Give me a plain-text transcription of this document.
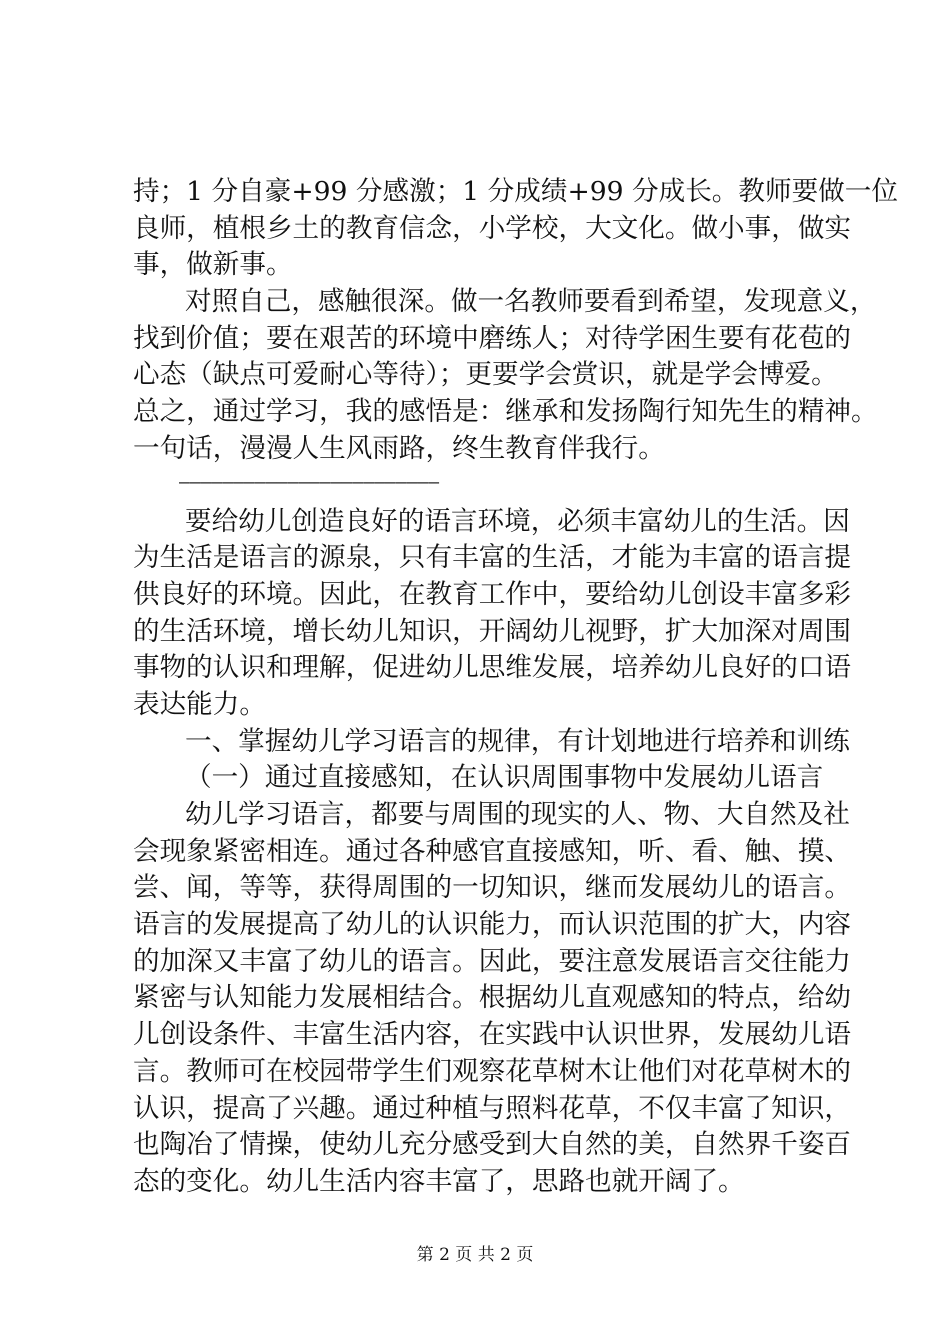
持；1 分自豪+99 分感激；1 分成绩+99 分成长。教师要做一位
良师，植根乡土的教育信念，小学校，大文化。做小事，做实
事，做新事。
对照自己，感触很深。做一名教师要看到希望，发现意义，
找到价值；要在艰苦的环境中磨练人；对待学困生要有花苞的
心态（缺点可爱耐心等待）；更要学会赏识，就是学会博爱。
总之，通过学习，我的感悟是：继承和发扬陶行知先生的精神。
一句话，漫漫人生风雨路，终生教育伴我行。
————————————————————————
要给幼儿创造良好的语言环境，必须丰富幼儿的生活。因
为生活是语言的源泉，只有丰富的生活，才能为丰富的语言提
供良好的环境。因此，在教育工作中，要给幼儿创设丰富多彩
的生活环境，增长幼儿知识，开阔幼儿视野，扩大加深对周围
事物的认识和理解，促进幼儿思维发展，培养幼儿良好的口语
表达能力。
一、掌握幼儿学习语言的规律，有计划地进行培养和训练
（一）通过直接感知，在认识周围事物中发展幼儿语言
幼儿学习语言，都要与周围的现实的人、物、大自然及社
会现象紧密相连。通过各种感官直接感知，听、看、触、摸、
尝、闻，等等，获得周围的一切知识，继而发展幼儿的语言。
语言的发展提高了幼儿的认识能力，而认识范围的扩大，内容
的加深又丰富了幼儿的语言。因此，要注意发展语言交往能力
紧密与认知能力发展相结合。根据幼儿直观感知的特点，给幼
儿创设条件、丰富生活内容，在实践中认识世界，发展幼儿语
言。教师可在校园带学生们观察花草树木让他们对花草树木的
认识，提高了兴趣。通过种植与照料花草，不仅丰富了知识，
也陶冶了情操，使幼儿充分感受到大自然的美，自然界千姿百
态的变化。幼儿生活内容丰富了，思路也就开阔了。
第 2 页 共 2 页
